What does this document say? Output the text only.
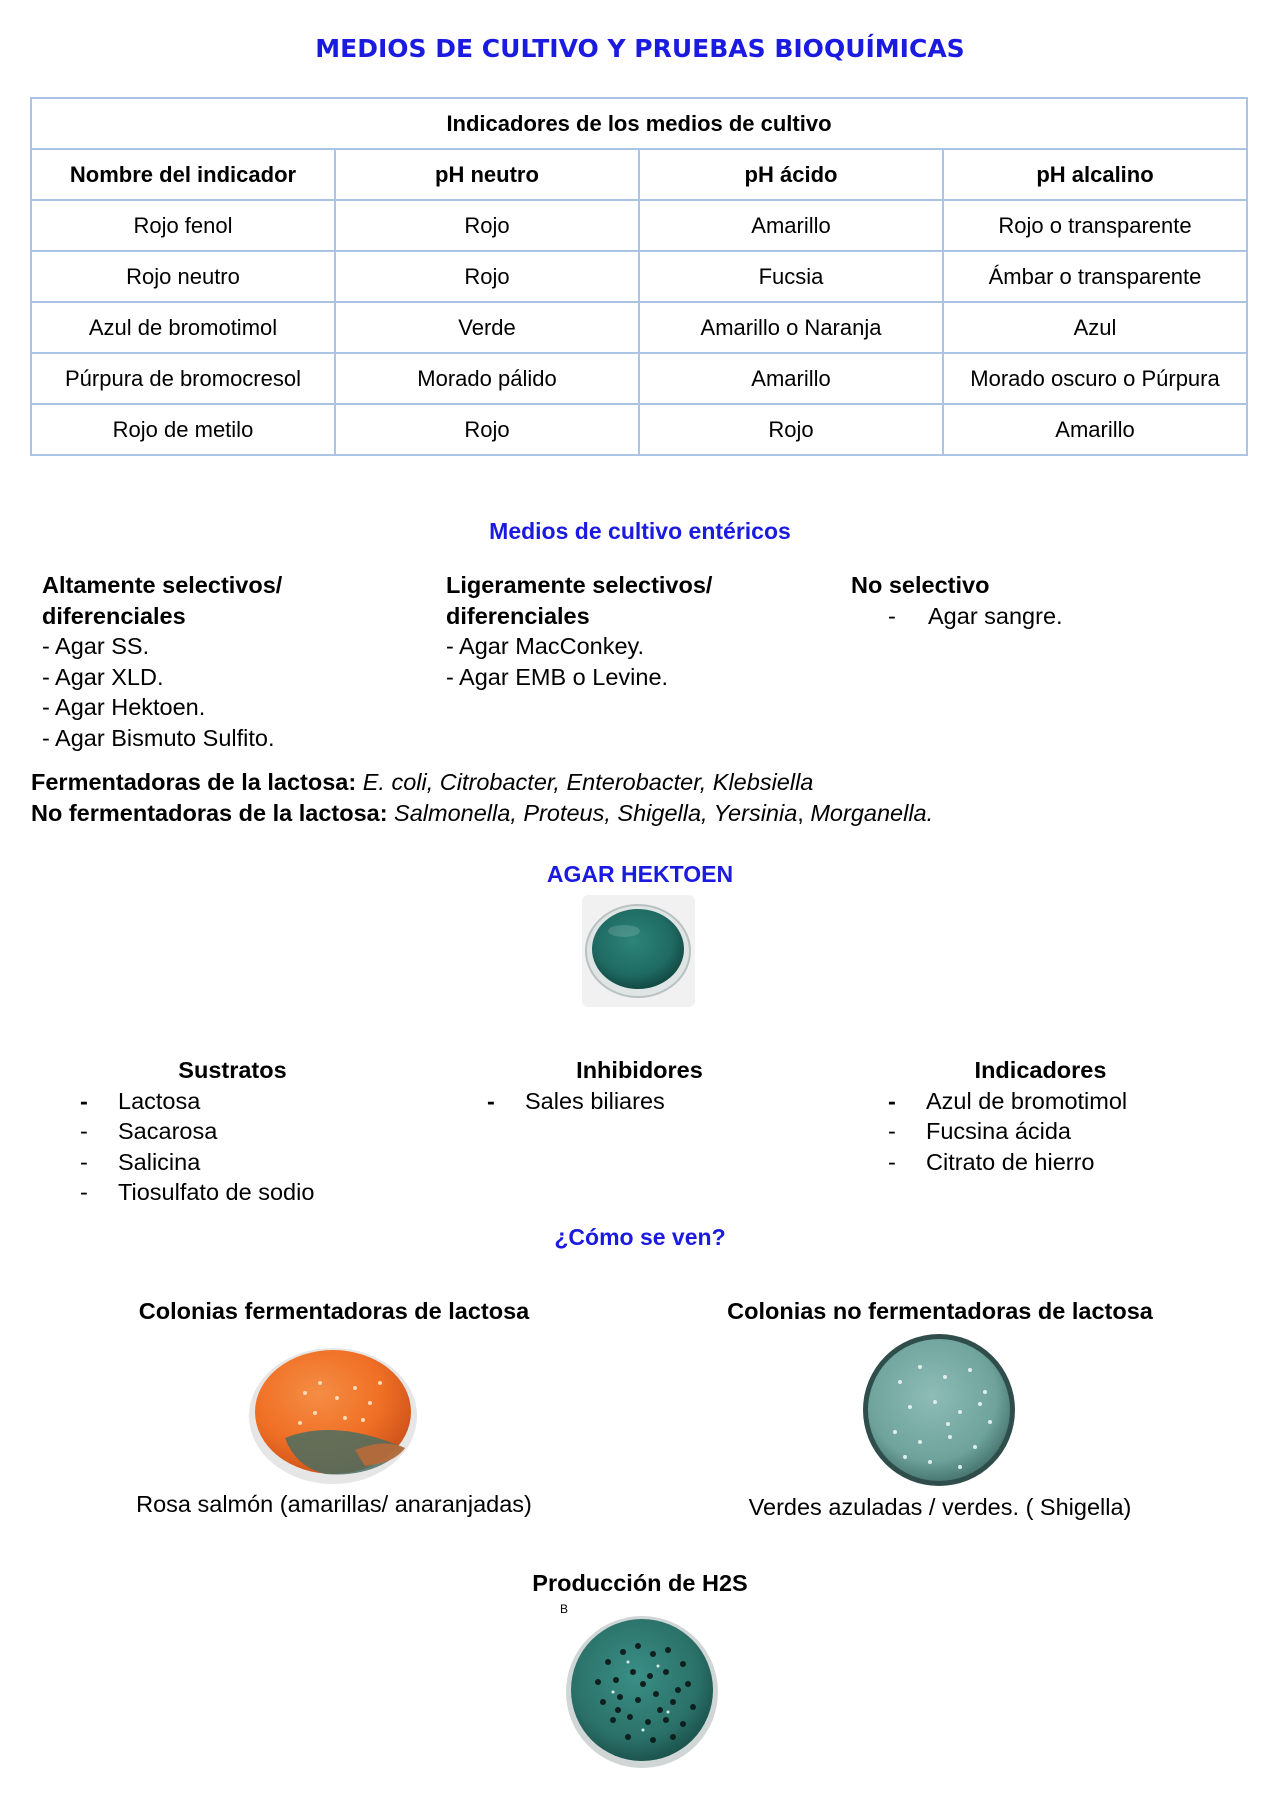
MEDIOS DE CULTIVO Y PRUEBAS BIOQUÍMICAS
Indicadores de los medios de cultivo			
Nombre del indicador	pH neutro	pH ácido	pH alcalino
Rojo fenol	Rojo	Amarillo	Rojo o transparente
Rojo neutro	Rojo	Fucsia	Ámbar o transparente
Azul de bromotimol	Verde	Amarillo o Naranja	Azul
Púrpura de bromocresol	Morado pálido	Amarillo	Morado oscuro o Púrpura
Rojo de metilo	Rojo	Rojo	Amarillo
Medios de cultivo entéricos
Altamente selectivos/
diferenciales
- Agar SS.
- Agar XLD.
- Agar Hektoen.
- Agar Bismuto Sulfito.
Ligeramente selectivos/
diferenciales
- Agar MacConkey.
- Agar EMB o Levine.
No selectivo
- Agar sangre.
Fermentadoras de la lactosa: E. coli, Citrobacter, Enterobacter, Klebsiella
No fermentadoras de la lactosa: Salmonella, Proteus, Shigella, Yersinia, Morganella.
AGAR HEKTOEN
Sustratos
- Lactosa
- Sacarosa
- Salicina
- Tiosulfato de sodio
Inhibidores
- Sales biliares
Indicadores
- Azul de bromotimol
- Fucsina ácida
- Citrato de hierro
¿Cómo se ven?
Colonias fermentadoras de lactosa	Colonias no fermentadoras de lactosa
Rosa salmón (amarillas/ anaranjadas)	Verdes azuladas / verdes. ( Shigella)
Producción de H2S
B
